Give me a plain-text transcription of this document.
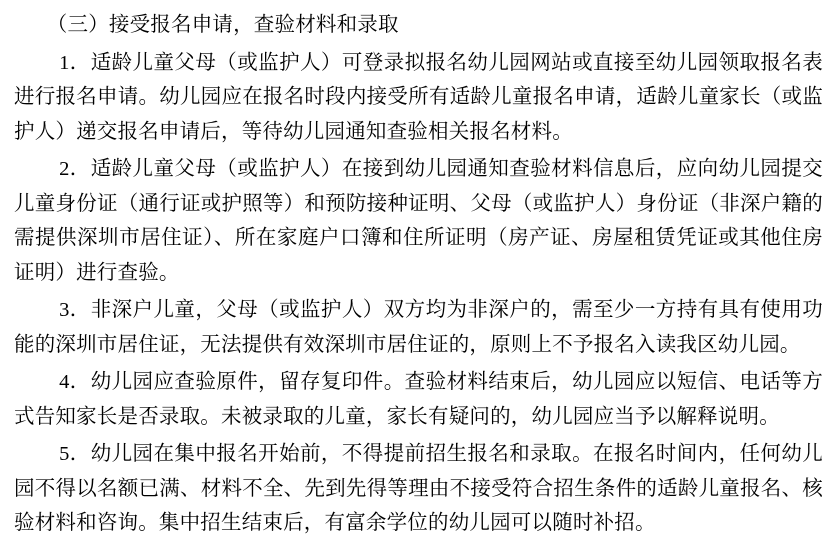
（三）接受报名申请，查验材料和录取

1．适龄儿童父母（或监护人）可登录拟报名幼儿园网站或直接至幼儿园领取报名表进行报名申请。幼儿园应在报名时段内接受所有适龄儿童报名申请，适龄儿童家长（或监护人）递交报名申请后，等待幼儿园通知查验相关报名材料。

2．适龄儿童父母（或监护人）在接到幼儿园通知查验材料信息后，应向幼儿园提交儿童身份证（通行证或护照等）和预防接种证明、父母（或监护人）身份证（非深户籍的需提供深圳市居住证）、所在家庭户口簿和住所证明（房产证、房屋租赁凭证或其他住房证明）进行查验。

3．非深户儿童，父母（或监护人）双方均为非深户的，需至少一方持有具有使用功能的深圳市居住证，无法提供有效深圳市居住证的，原则上不予报名入读我区幼儿园。

4．幼儿园应查验原件，留存复印件。查验材料结束后，幼儿园应以短信、电话等方式告知家长是否录取。未被录取的儿童，家长有疑问的，幼儿园应当予以解释说明。

5．幼儿园在集中报名开始前，不得提前招生报名和录取。在报名时间内，任何幼儿园不得以名额已满、材料不全、先到先得等理由不接受符合招生条件的适龄儿童报名、核验材料和咨询。集中招生结束后，有富余学位的幼儿园可以随时补招。
